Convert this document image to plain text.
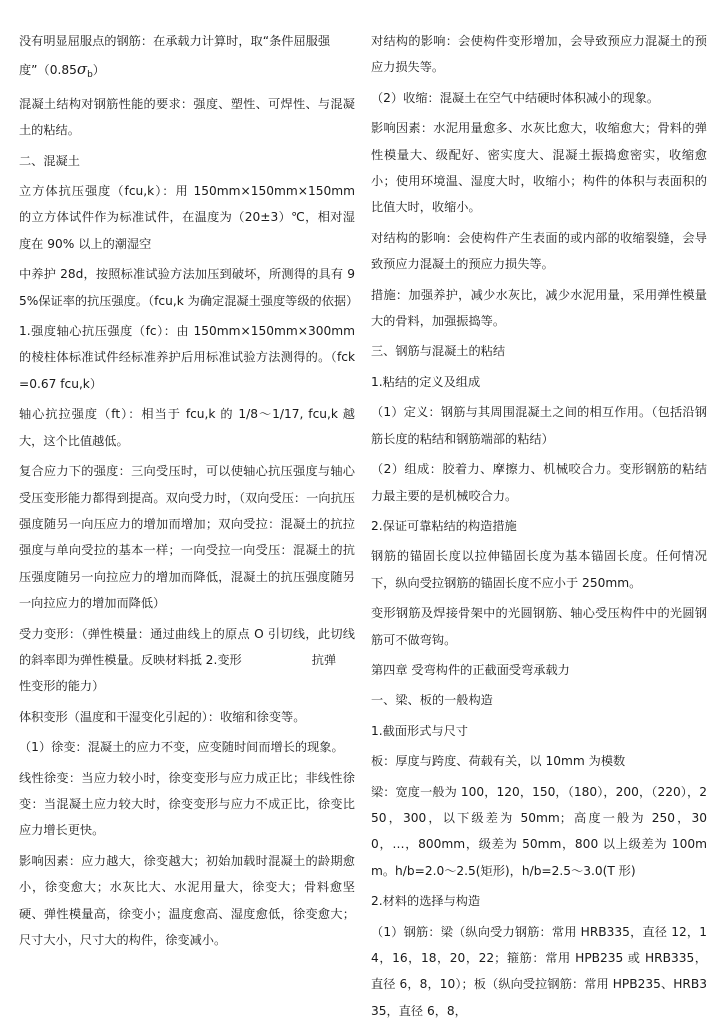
没有明显屈服点的钢筋：在承载力计算时，取“条件屈服强

度$”(0.85\sigma_b)$

混凝土结构对钢筋性能的要求：强度、塑性、可焊性、与混凝土的粘结。

二、混凝土

立方体抗压强度（fcu,k）：用 150mm×150mm×150mm 的立方体试件作为标准试件，在温度为（20±3）℃，相对湿度在 90% 以上的潮湿空

中养护 28d，按照标准试验方法加压到破坏，所测得的具有 95%保证率的抗压强度。（fcu,k 为确定混凝土强度等级的依据）

1.强度轴心抗压强度（fc）：由 150mm×150mm×300mm 的棱柱体标准试件经标准养护后用标准试验方法测得的。（fck=0.67 fcu,k）

轴心抗拉强度（ft）：相当于 fcu,k 的 1/8～1/17, fcu,k 越大，这个比值越低。

复合应力下的强度：三向受压时，可以使轴心抗压强度与轴心受压变形能力都得到提高。双向受力时，（双向受压：一向抗压强度随另一向压应力的增加而增加；双向受拉：混凝土的抗拉强度与单向受拉的基本一样；一向受拉一向受压：混凝土的抗压强度随另一向拉应力的增加而降低，混凝土的抗压强度随另一向拉应力的增加而降低）

受力变形：（弹性模量：通过曲线上的原点 O 引切线，此切线的斜率即为弹性模量。反映材料抵 2.变形	抗弹

性变形的能力）

体积变形（温度和干湿变化引起的）：收缩和徐变等。

（1）徐变：混凝土的应力不变，应变随时间而增长的现象。

线性徐变：当应力较小时，徐变变形与应力成正比；非线性徐变：当混凝土应力较大时，徐变变形与应力不成正比，徐变比应力增长更快。

影响因素：应力越大，徐变越大；初始加载时混凝土的龄期愈小，徐变愈大；水灰比大、水泥用量大，徐变大；骨料愈坚硬、弹性模量高，徐变小；温度愈高、湿度愈低，徐变愈大；尺寸大小，尺寸大的构件，徐变减小。

对结构的影响：会使构件变形增加，会导致预应力混凝土的预应力损失等。

（2）收缩：混凝土在空气中结硬时体积减小的现象。

影响因素：水泥用量愈多、水灰比愈大，收缩愈大；骨料的弹性模量大、级配好、密实度大、混凝土振捣愈密实，收缩愈小；使用环境温、湿度大时，收缩小；构件的体积与表面积的比值大时，收缩小。

对结构的影响：会使构件产生表面的或内部的收缩裂缝，会导致预应力混凝土的预应力损失等。

措施：加强养护，减少水灰比，减少水泥用量，采用弹性模量大的骨料，加强振捣等。

三、钢筋与混凝土的粘结

1.粘结的定义及组成

（1）定义：钢筋与其周围混凝土之间的相互作用。（包括沿钢筋长度的粘结和钢筋端部的粘结）

（2）组成：胶着力、摩擦力、机械咬合力。变形钢筋的粘结力最主要的是机械咬合力。

2.保证可靠粘结的构造措施

钢筋的锚固长度以拉伸锚固长度为基本锚固长度。任何情况下，纵向受拉钢筋的锚固长度不应小于 250mm。

变形钢筋及焊接骨架中的光圆钢筋、轴心受压构件中的光圆钢筋可不做弯钩。

第四章 受弯构件的正截面受弯承载力

一、梁、板的一般构造

1.截面形式与尺寸

板：厚度与跨度、荷载有关，以 10mm 为模数

梁：宽度一般为 100，120，150，（180），200，（220），250，300，以下级差为 50mm；高度一般为 250，300，…，800mm，级差为 50mm，800 以上级差为 100mm。h/b=2.0～2.5(矩形)，h/b=2.5～3.0(T 形)

2.材料的选择与构造

（1）钢筋：梁（纵向受力钢筋：常用 HRB335，直径 12，14，16，18，20，22；箍筋：常用 HPB235 或 HRB335，直径 6，8，10）；板（纵向受拉钢筋：常用 HPB235、HRB335，直径 6，8，
